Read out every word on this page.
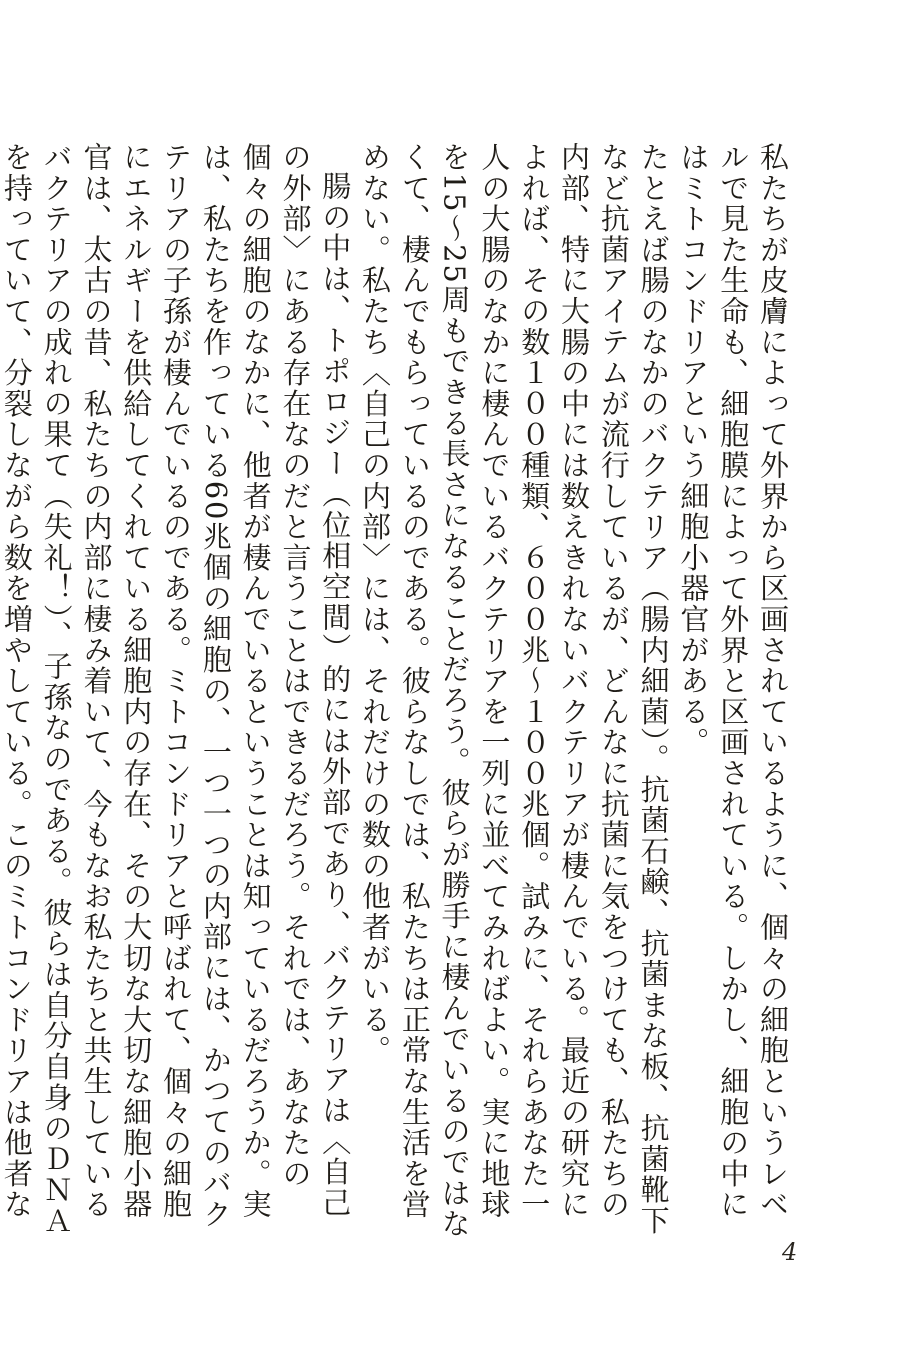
私たちが皮膚によって外界から区画されているように、個々の細胞というレベルで見た生命も、細胞膜によって外界と区画されている。しかし、細胞の中にはミトコンドリアという細胞小器官がある。

たとえば腸のなかのバクテリア（腸内細菌）。抗菌石鹸、抗菌まな板、抗菌靴下など抗菌アイテムが流行しているが、どんなに抗菌に気をつけても、私たちの内部、特に大腸の中には数えきれないバクテリアが棲んでいる。最近の研究によれば、その数１００種類、６００兆〜１００兆個。試みに、それらあなた一人の大腸のなかに棲んでいるバクテリアを一列に並べてみればよい。実に地球を15〜25周もできる長さになることだろう。彼らが勝手に棲んでいるのではなくて、棲んでもらっているのである。彼らなしでは、私たちは正常な生活を営めない。私たち〈自己の内部〉には、それだけの数の他者がいる。

腸の中は、トポロジー（位相空間）的には外部であり、バクテリアは〈自己の外部〉にある存在なのだと言うことはできるだろう。それでは、あなたの個々の細胞のなかに、他者が棲んでいるということは知っているだろうか。実は、私たちを作っている60兆個の細胞の、一つ一つの内部には、かつてのバクテリアの子孫が棲んでいるのである。ミトコンドリアと呼ばれて、個々の細胞にエネルギーを供給してくれている細胞内の存在、その大切な大切な細胞小器官は、太古の昔、私たちの内部に棲み着いて、今もなお私たちと共生しているバクテリアの成れの果て（失礼！）、子孫なのである。彼らは自分自身のＤＮＡを持っていて、分裂しながら数を増やしている。このミトコンドリアは他者な

4
